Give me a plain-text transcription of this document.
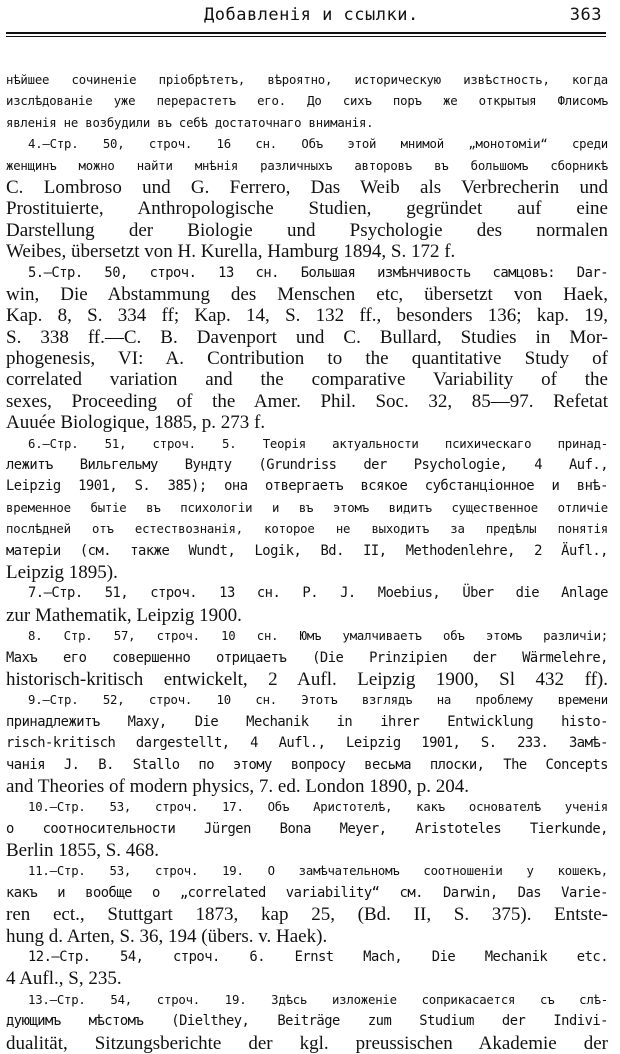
Добавленія и ссылки.	363
нѣйшее сочиненіе пріобрѣтетъ, вѣроятно, историческую извѣстность, когда
изслѣдованіе уже перерастетъ его. До сихъ поръ же открытыя Флисомъ
явленія не возбудили въ себѣ достаточнаго вниманія.
4.—Стр. 50, строч. 16 сн. Объ этой мнимой „монотоміи“ среди
женщинъ можно найти мнѣнія различныхъ авторовъ въ большомъ сборникѣ
C. Lombroso und G. Ferrero, Das Weib als Verbrecherin und
Prostituierte, Anthropologische Studien, gegründet auf eine
Darstellung der Biologie und Psychologie des normalen
Weibes, übersetzt von H. Kurella, Hamburg 1894, S. 172 f.
5.—Стр. 50, строч. 13 сн. Большая измѣнчивость самцовъ: Dar-
win, Die Abstammung des Menschen etc, übersetzt von Haek,
Kap. 8, S. 334 ff; Kap. 14, S. 132 ff., besonders 136; kap. 19,
S. 338 ff.—C. B. Davenport und C. Bullard, Studies in Mor-
phogenesis, VI: A. Contribution to the quantitative Study of
correlated variation and the comparative Variability of the
sexes, Proceeding of the Amer. Phil. Soc. 32, 85—97. Refetat
Auuée Biologique, 1885, p. 273 f.
6.—Стр. 51, строч. 5. Теорія актуальности психическаго принад-
лежитъ Вильгельму Вундту (Grundriss der Psychologie, 4 Auf.,
Leipzig 1901, S. 385); она отвергаетъ всякое субстанціонное и внѣ-
временное бытіе въ психологіи и въ этомъ видитъ существенное отличіе
послѣдней отъ естествознанія, которое не выходитъ за предѣлы понятія
матеріи (см. также Wundt, Logik, Bd. II, Methodenlehre, 2 Äufl.,
Leipzig 1895).
7.—Стр. 51, строч. 13 сн. P. J. Moebius, Über die Anlage
zur Mathematik, Leipzig 1900.
8. Стр. 57, строч. 10 сн. Юмъ умалчиваетъ объ этомъ различіи;
Махъ его совершенно отрицаетъ (Die Prinzipien der Wärmelehre,
historisch-kritisch entwickelt, 2 Aufl. Leipzig 1900, Sl 432 ff).
9.—Стр. 52, строч. 10 сн. Этотъ взглядъ на проблему времени
принадлежитъ Маху, Die Mechanik in ihrer Entwicklung histo-
risch-kritisch dargestellt, 4 Aufl., Leipzig 1901, S. 233. Замѣ-
чанія J. B. Stallo по этому вопросу весьма плоски, The Concepts
and Theories of modern physics, 7. ed. London 1890, p. 204.
10.—Стр. 53, строч. 17. Объ Аристотелѣ, какъ основателѣ ученія
о соотносительности Jürgen Bona Meyer, Aristoteles Tierkunde,
Berlin 1855, S. 468.
11.—Стр. 53, строч. 19. О замѣчательномъ соотношеніи у кошекъ,
какъ и вообще о „correlated variability“ см. Darwin, Das Varie-
ren ect., Stuttgart 1873, kap 25, (Bd. II, S. 375). Entste-
hung d. Arten, S. 36, 194 (übers. v. Haek).
12.—Стр. 54, строч. 6. Ernst Mach, Die Mechanik etc.
4 Aufl., S, 235.
13.—Стр. 54, строч. 19. Здѣсь изложеніе соприкасается съ слѣ-
дующимъ мѣстомъ (Dielthey, Beiträge zum Studium der Indivi-
dualität, Sitzungsberichte der kgl. preussischen Akademie der
